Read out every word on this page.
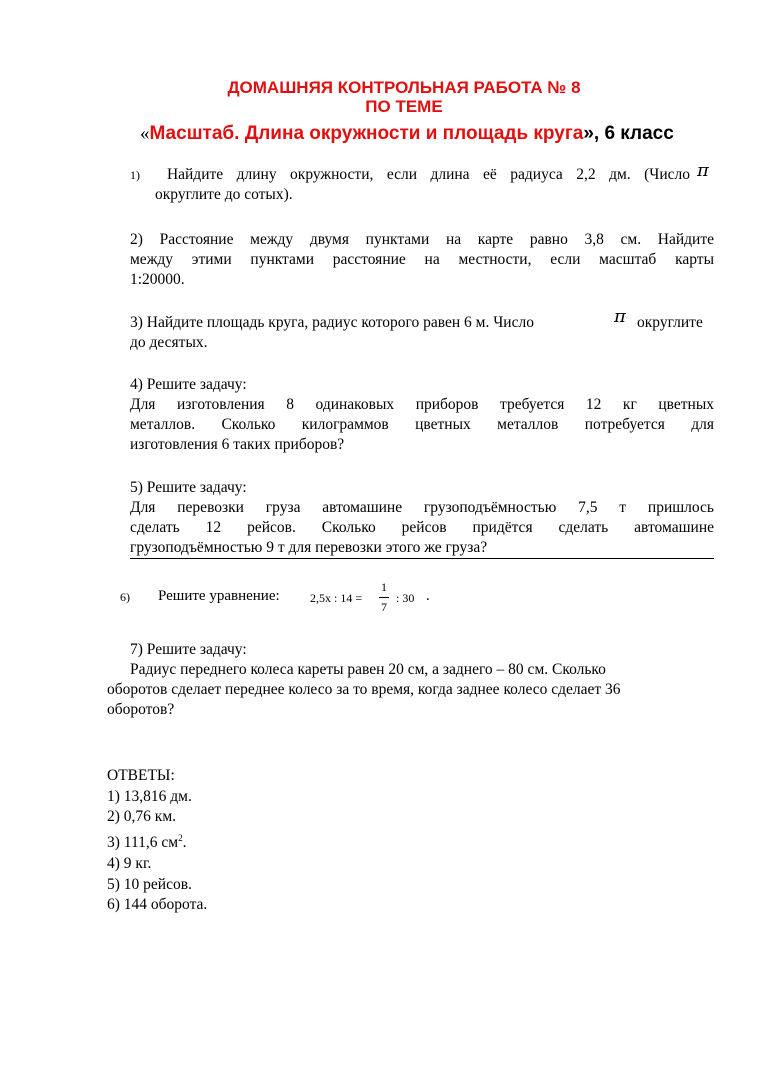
ДОМАШНЯЯ КОНТРОЛЬНАЯ РАБОТА № 8
ПО ТЕМЕ
«Масштаб. Длина окружности и площадь круга», 6 класс

1) Найдите длину окружности, если длина её радиуса 2,2 дм. (Число

округлите до сотых).

π

2) Расстояние между двумя пунктами на карте равно 3,8 см. Найдите

между этими пунктами расстояние на местности, если масштаб карты

1:20000.

3) Найдите площадь круга, радиус которого равен 6 м. Число

до десятых.

π округлите

4) Решите задачу:

Для изготовления 8 одинаковых приборов требуется 12 кг цветных

металлов. Сколько килограммов цветных металлов потребуется для

изготовления 6 таких приборов?

5) Решите задачу:

Для перевозки груза автомашине грузоподъёмностью 7,5 т пришлось

сделать 12 рейсов. Сколько рейсов придётся сделать автомашине

грузоподъёмностью 9 т для перевозки этого же груза?

6) Решите уравнение:	2,5x : 14 =
1
7
: 30 .

7) Решите задачу:

Радиус переднего колеса кареты равен 20 см, а заднего – 80 см. Сколько

оборотов сделает переднее колесо за то время, когда заднее колесо сделает 36

оборотов?

ОТВЕТЫ:
1) 13,816 дм.
2) 0,76 км.
3) 111,6 $см^2$.
4) 9 кг.
5) 10 рейсов.
6) 144 оборота.
